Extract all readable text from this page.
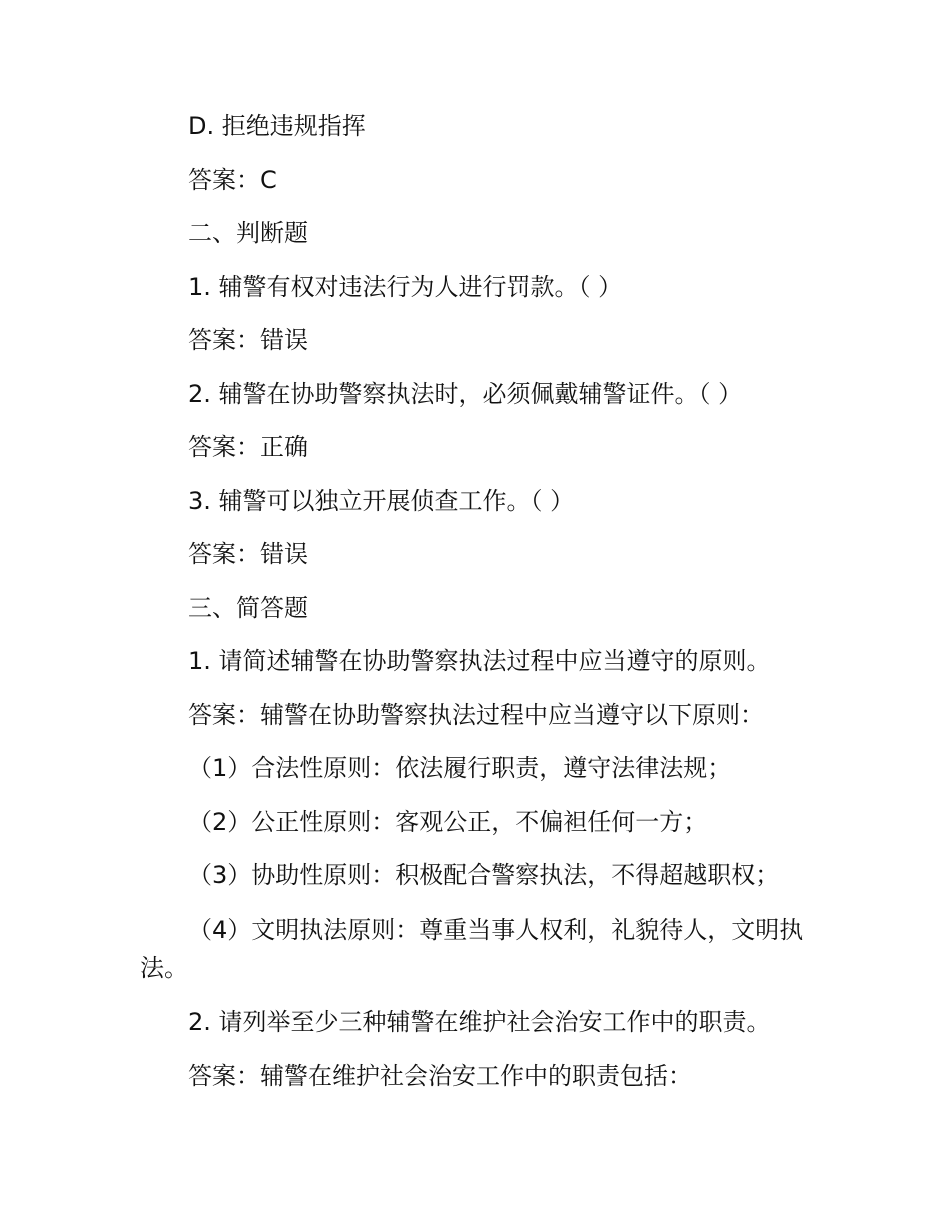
D. 拒绝违规指挥

答案：C

二、判断题

1. 辅警有权对违法行为人进行罚款。（ ）

答案：错误

2. 辅警在协助警察执法时，必须佩戴辅警证件。（ ）

答案：正确

3. 辅警可以独立开展侦查工作。（ ）

答案：错误

三、简答题

1. 请简述辅警在协助警察执法过程中应当遵守的原则。

答案：辅警在协助警察执法过程中应当遵守以下原则：

（1）合法性原则：依法履行职责，遵守法律法规；

（2）公正性原则：客观公正，不偏袒任何一方；

（3）协助性原则：积极配合警察执法，不得超越职权；

（4）文明执法原则：尊重当事人权利，礼貌待人，文明执法。

2. 请列举至少三种辅警在维护社会治安工作中的职责。

答案：辅警在维护社会治安工作中的职责包括：
